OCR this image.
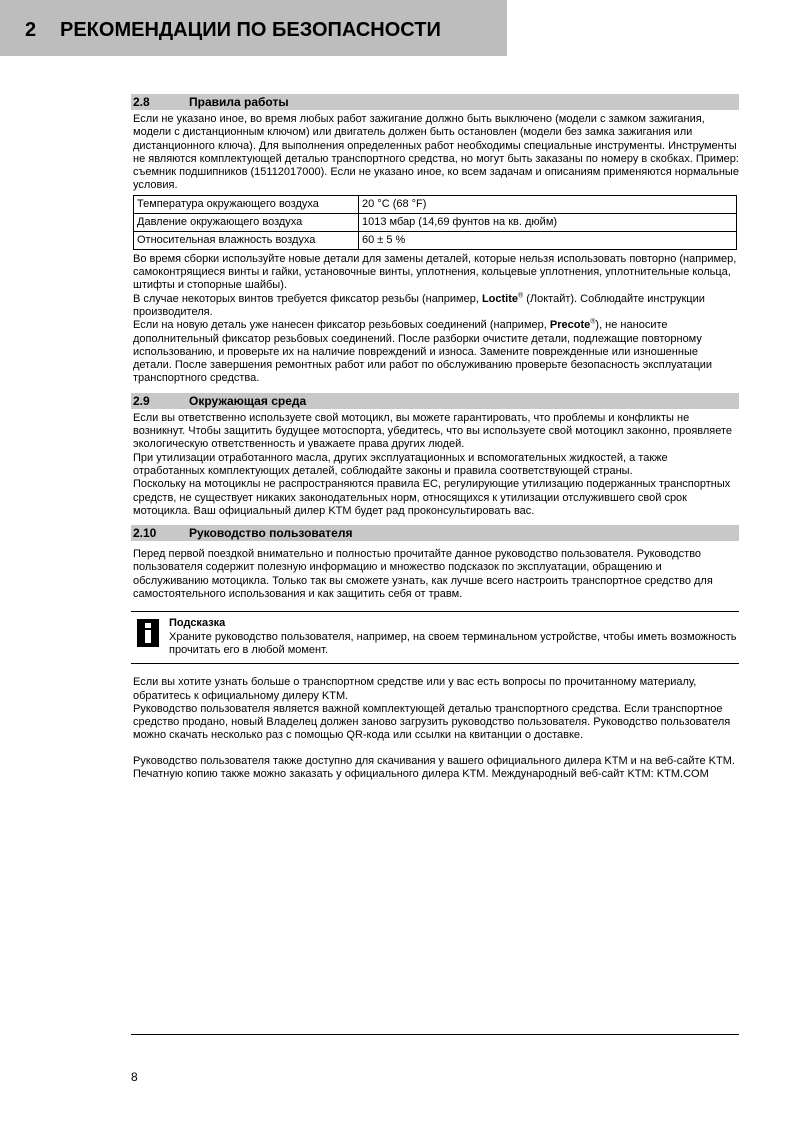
2 РЕКОМЕНДАЦИИ ПО БЕЗОПАСНОСТИ
2.8	Правила работы

Если не указано иное, во время любых работ зажигание должно быть выключено (модели с замком зажигания, модели с дистанционным ключом) или двигатель должен быть остановлен (модели без замка зажигания или дистанционного ключа). Для выполнения определенных работ необходимы специальные инструменты. Инструменты не являются комплектующей деталью транспортного средства, но могут быть заказаны по номеру в скобках. Пример: съемник подшипников (15112017000). Если не указано иное, ко всем задачам и описаниям применяются нормальные условия.

Температура окружающего воздуха	20 °C (68 °F)
Давление окружающего воздуха	1013 мбар (14,69 фунтов на кв. дюйм)
Относительная влажность воздуха	60 ± 5 %

Во время сборки используйте новые детали для замены деталей, которые нельзя использовать повторно (например, самоконтрящиеся винты и гайки, установочные винты, уплотнения, кольцевые уплотнения, уплотнительные кольца, штифты и стопорные шайбы).

В случае некоторых винтов требуется фиксатор резьбы (например, Loctite® (Локтайт). Соблюдайте инструкции производителя.

Если на новую деталь уже нанесен фиксатор резьбовых соединений (например, Precote®), не наносите дополнительный фиксатор резьбовых соединений. После разборки очистите детали, подлежащие повторному использованию, и проверьте их на наличие повреждений и износа. Замените поврежденные или изношенные детали. После завершения ремонтных работ или работ по обслуживанию проверьте безопасность эксплуатации транспортного средства.

2.9	Окружающая среда

Если вы ответственно используете свой мотоцикл, вы можете гарантировать, что проблемы и конфликты не возникнут. Чтобы защитить будущее мотоспорта, убедитесь, что вы используете свой мотоцикл законно, проявляете экологическую ответственность и уважаете права других людей.

При утилизации отработанного масла, других эксплуатационных и вспомогательных жидкостей, а также отработанных комплектующих деталей, соблюдайте законы и правила соответствующей страны.

Поскольку на мотоциклы не распространяются правила ЕС, регулирующие утилизацию подержанных транспортных средств, не существует никаких законодательных норм, относящихся к утилизации отслужившего свой срок мотоцикла. Ваш официальный дилер KTM будет рад проконсультировать вас.

2.10	Руководство пользователя

Перед первой поездкой внимательно и полностью прочитайте данное руководство пользователя. Руководство пользователя содержит полезную информацию и множество подсказок по эксплуатации, обращению и обслуживанию мотоцикла. Только так вы сможете узнать, как лучше всего настроить транспортное средство для самостоятельного использования и как защитить себя от травм.

Подсказка
Храните руководство пользователя, например, на своем терминальном устройстве, чтобы иметь возможность прочитать его в любой момент.

Если вы хотите узнать больше о транспортном средстве или у вас есть вопросы по прочитанному материалу, обратитесь к официальному дилеру KTM.

Руководство пользователя является важной комплектующей деталью транспортного средства. Если транспортное средство продано, новый Владелец должен заново загрузить руководство пользователя. Руководство пользователя можно скачать несколько раз с помощью QR-кода или ссылки на квитанции о доставке.

Руководство пользователя также доступно для скачивания у вашего официального дилера KTM и на веб-сайте KTM. Печатную копию также можно заказать у официального дилера KTM. Международный веб-сайт KTM: KTM.COM

8
